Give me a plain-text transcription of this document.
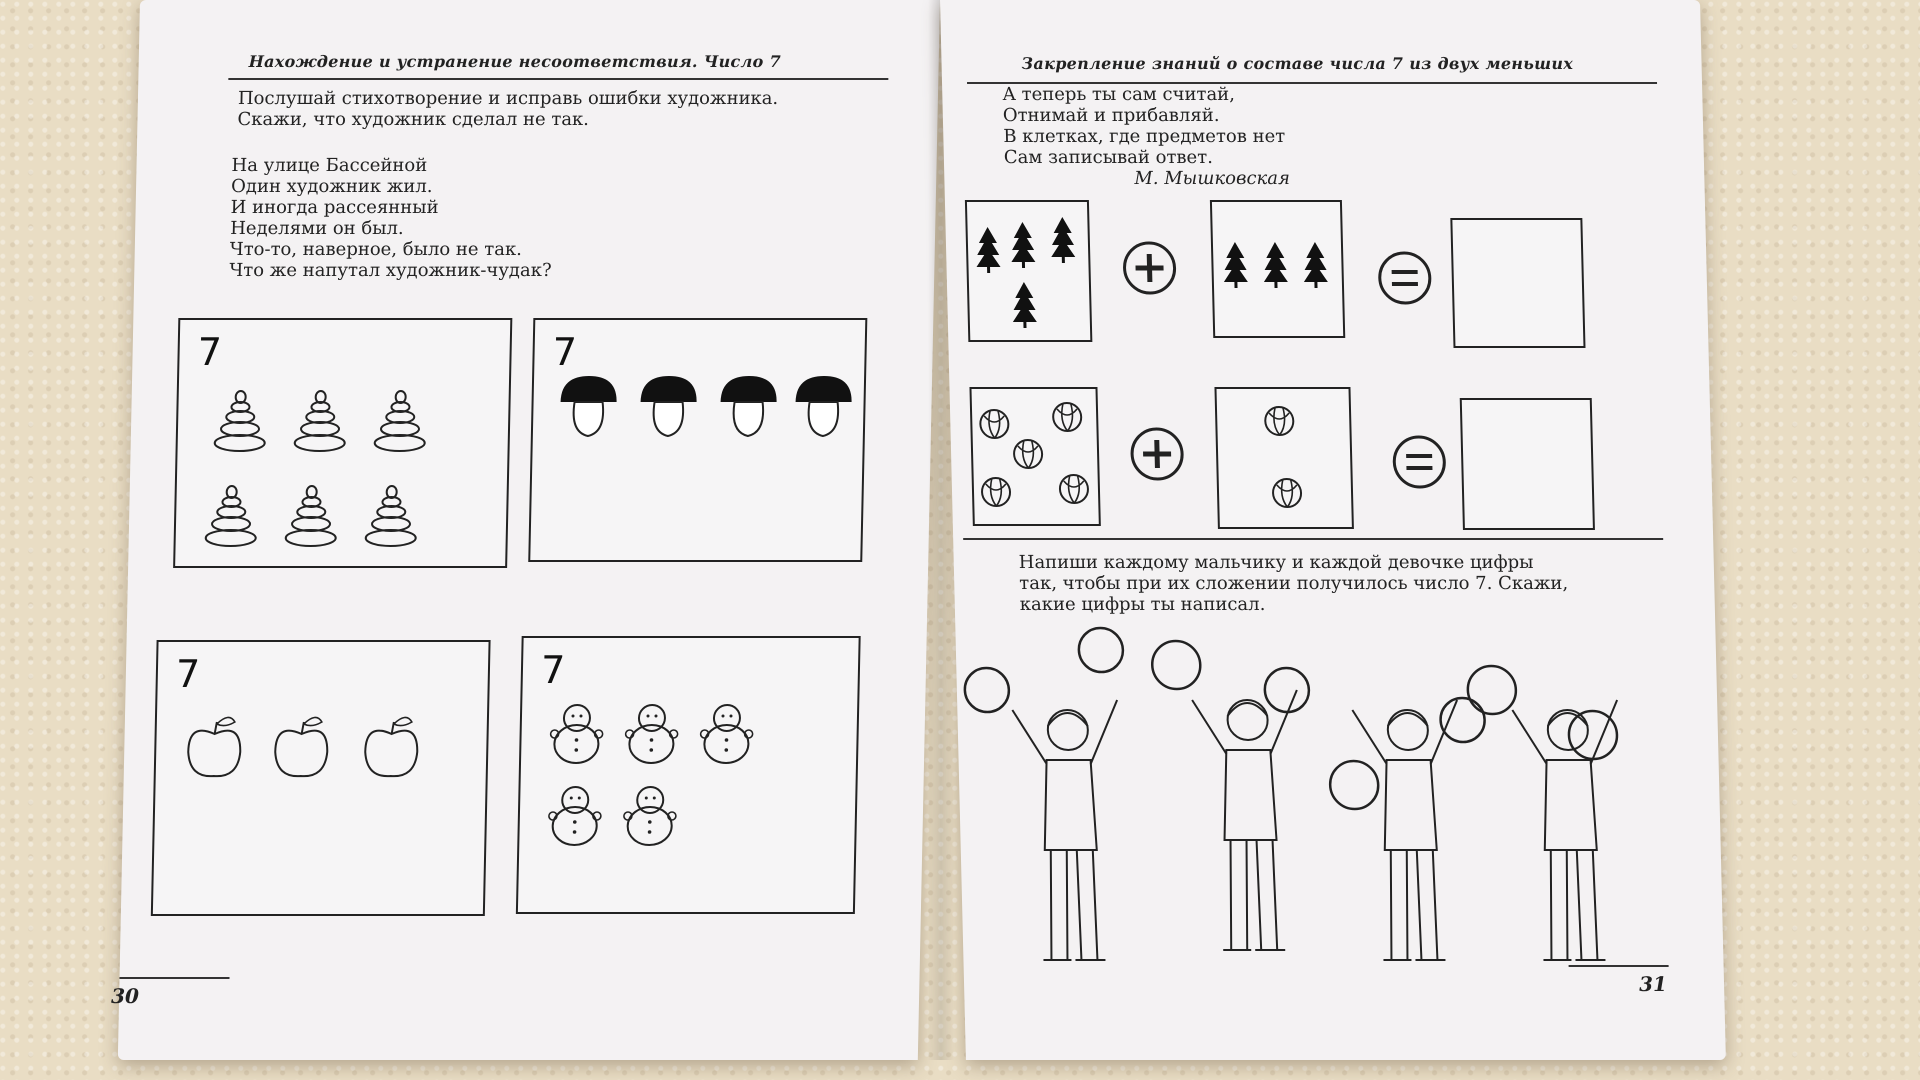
Нахождение и устранение несоответствия. Число 7
Послушай стихотворение и исправь ошибки художника.
Скажи, что художник сделал не так.
На улице Бассейной
Один художник жил.
И иногда рассеянный
Неделями он был.
Что-то, наверное, было не так.
Что же напутал художник-чудак?
7	7
7	7
30
Закрепление знаний о составе числа 7 из двух меньших
А теперь ты сам считай,
Отнимай и прибавляй.
В клетках, где предметов нет
Сам записывай ответ.
М. Мышковская
Напиши каждому мальчику и каждой девочке цифры
так, чтобы при их сложении получилось число 7. Скажи,
какие цифры ты написал.
31
